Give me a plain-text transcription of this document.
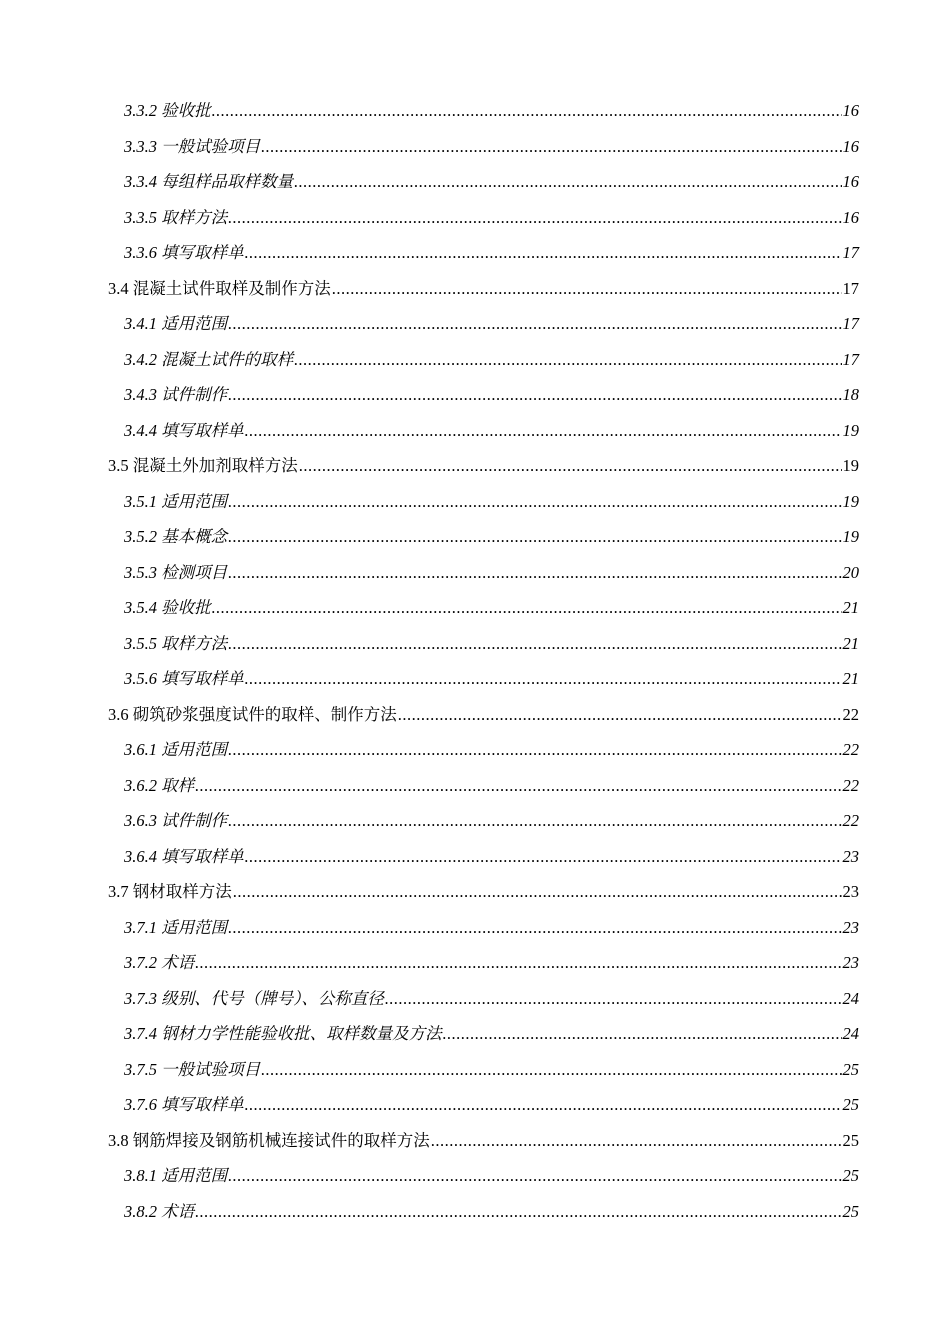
3.3.2 验收批 .....	16
3.3.3 一般试验项目 .....	16
3.3.4 每组样品取样数量 .....	16
3.3.5 取样方法 .....	16
3.3.6 填写取样单 .....	17
3.4 混凝土试件取样及制作方法 .....	17
3.4.1 适用范围 .....	17
3.4.2 混凝土试件的取样 .....	17
3.4.3 试件制作 .....	18
3.4.4 填写取样单 .....	19
3.5 混凝土外加剂取样方法 .....	19
3.5.1 适用范围 .....	19
3.5.2 基本概念 .....	19
3.5.3 检测项目 .....	20
3.5.4 验收批 .....	21
3.5.5 取样方法 .....	21
3.5.6 填写取样单 .....	21
3.6 砌筑砂浆强度试件的取样、制作方法 .....	22
3.6.1 适用范围 .....	22
3.6.2 取样 .....	22
3.6.3 试件制作 .....	22
3.6.4 填写取样单 .....	23
3.7 钢材取样方法 .....	23
3.7.1 适用范围 .....	23
3.7.2 术语 .....	23
3.7.3 级别、代号（牌号）、公称直径 .....	24
3.7.4 钢材力学性能验收批、取样数量及方法 .....	24
3.7.5 一般试验项目 .....	25
3.7.6 填写取样单 .....	25
3.8 钢筋焊接及钢筋机械连接试件的取样方法 .....	25
3.8.1 适用范围 .....	25
3.8.2 术语 .....	25
